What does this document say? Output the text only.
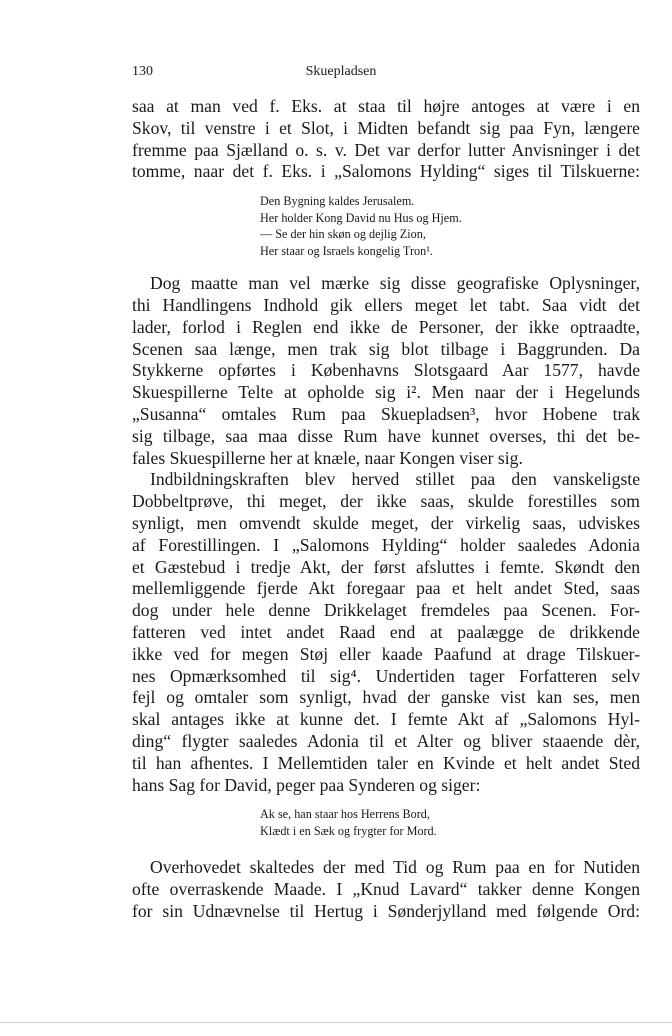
130	Skuepladsen
saa at man ved f. Eks. at staa til højre antoges at være i en
Skov, til venstre i et Slot, i Midten befandt sig paa Fyn, længere
fremme paa Sjælland o. s. v. Det var derfor lutter Anvisninger i det
tomme, naar det f. Eks. i „Salomons Hylding“ siges til Tilskuerne:
Den Bygning kaldes Jerusalem.
Her holder Kong David nu Hus og Hjem.
— Se der hin skøn og dejlig Zion,
Her staar og Israels kongelig Tron¹.
Dog maatte man vel mærke sig disse geografiske Oplysninger,
thi Handlingens Indhold gik ellers meget let tabt. Saa vidt det
lader, forlod i Reglen end ikke de Personer, der ikke optraadte,
Scenen saa længe, men trak sig blot tilbage i Baggrunden. Da
Stykkerne opførtes i Københavns Slotsgaard Aar 1577, havde
Skuespillerne Telte at opholde sig i². Men naar der i Hegelunds
„Susanna“ omtales Rum paa Skuepladsen³, hvor Hobene trak
sig tilbage, saa maa disse Rum have kunnet overses, thi det be-
fales Skuespillerne her at knæle, naar Kongen viser sig.
Indbildningskraften blev herved stillet paa den vanskeligste
Dobbeltprøve, thi meget, der ikke saas, skulde forestilles som
synligt, men omvendt skulde meget, der virkelig saas, udviskes
af Forestillingen. I „Salomons Hylding“ holder saaledes Adonia
et Gæstebud i tredje Akt, der først afsluttes i femte. Skøndt den
mellemliggende fjerde Akt foregaar paa et helt andet Sted, saas
dog under hele denne Drikkelaget fremdeles paa Scenen. For-
fatteren ved intet andet Raad end at paalægge de drikkende
ikke ved for megen Støj eller kaade Paafund at drage Tilskuer-
nes Opmærksomhed til sig⁴. Undertiden tager Forfatteren selv
fejl og omtaler som synligt, hvad der ganske vist kan ses, men
skal antages ikke at kunne det. I femte Akt af „Salomons Hyl-
ding“ flygter saaledes Adonia til et Alter og bliver staaende dèr,
til han afhentes. I Mellemtiden taler en Kvinde et helt andet Sted
hans Sag for David, peger paa Synderen og siger:
Ak se, han staar hos Herrens Bord,
Klædt i en Sæk og frygter for Mord.
Overhovedet skaltedes der med Tid og Rum paa en for Nutiden
ofte overraskende Maade. I „Knud Lavard“ takker denne Kongen
for sin Udnævnelse til Hertug i Sønderjylland med følgende Ord:
